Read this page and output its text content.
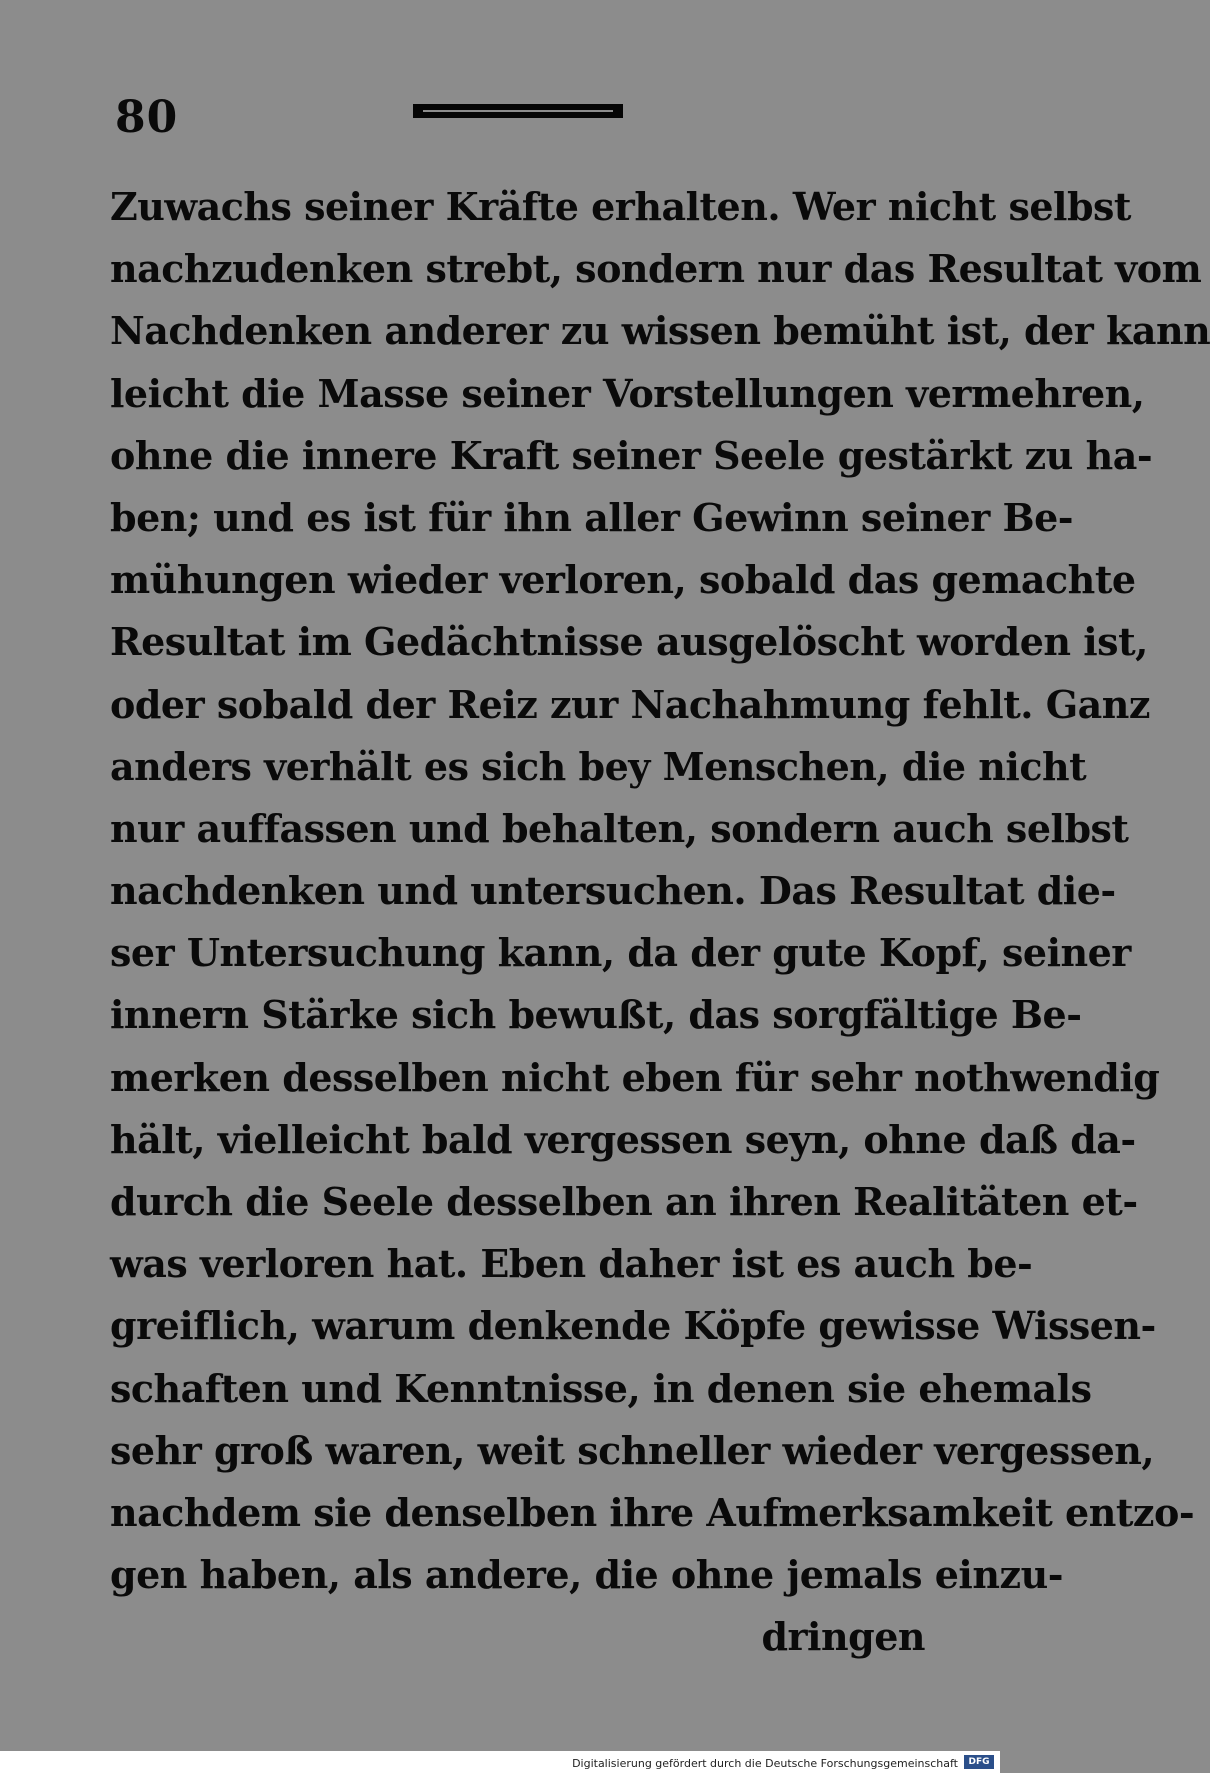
80
Zuwachs seiner Kräfte erhalten. Wer nicht selbst
nachzudenken strebt, sondern nur das Resultat vom
Nachdenken anderer zu wissen bemüht ist, der kann
leicht die Masse seiner Vorstellungen vermehren,
ohne die innere Kraft seiner Seele gestärkt zu ha-
ben; und es ist für ihn aller Gewinn seiner Be-
mühungen wieder verloren, sobald das gemachte
Resultat im Gedächtnisse ausgelöscht worden ist,
oder sobald der Reiz zur Nachahmung fehlt. Ganz
anders verhält es sich bey Menschen, die nicht
nur auffassen und behalten, sondern auch selbst
nachdenken und untersuchen. Das Resultat die-
ser Untersuchung kann, da der gute Kopf, seiner
innern Stärke sich bewußt, das sorgfältige Be-
merken desselben nicht eben für sehr nothwendig
hält, vielleicht bald vergessen seyn, ohne daß da-
durch die Seele desselben an ihren Realitäten et-
was verloren hat. Eben daher ist es auch be-
greiflich, warum denkende Köpfe gewisse Wissen-
schaften und Kenntnisse, in denen sie ehemals
sehr groß waren, weit schneller wieder vergessen,
nachdem sie denselben ihre Aufmerksamkeit entzo-
gen haben, als andere, die ohne jemals einzu-
dringen
Digitalisierung gefördert durch die Deutsche Forschungsgemeinschaft	DFG
